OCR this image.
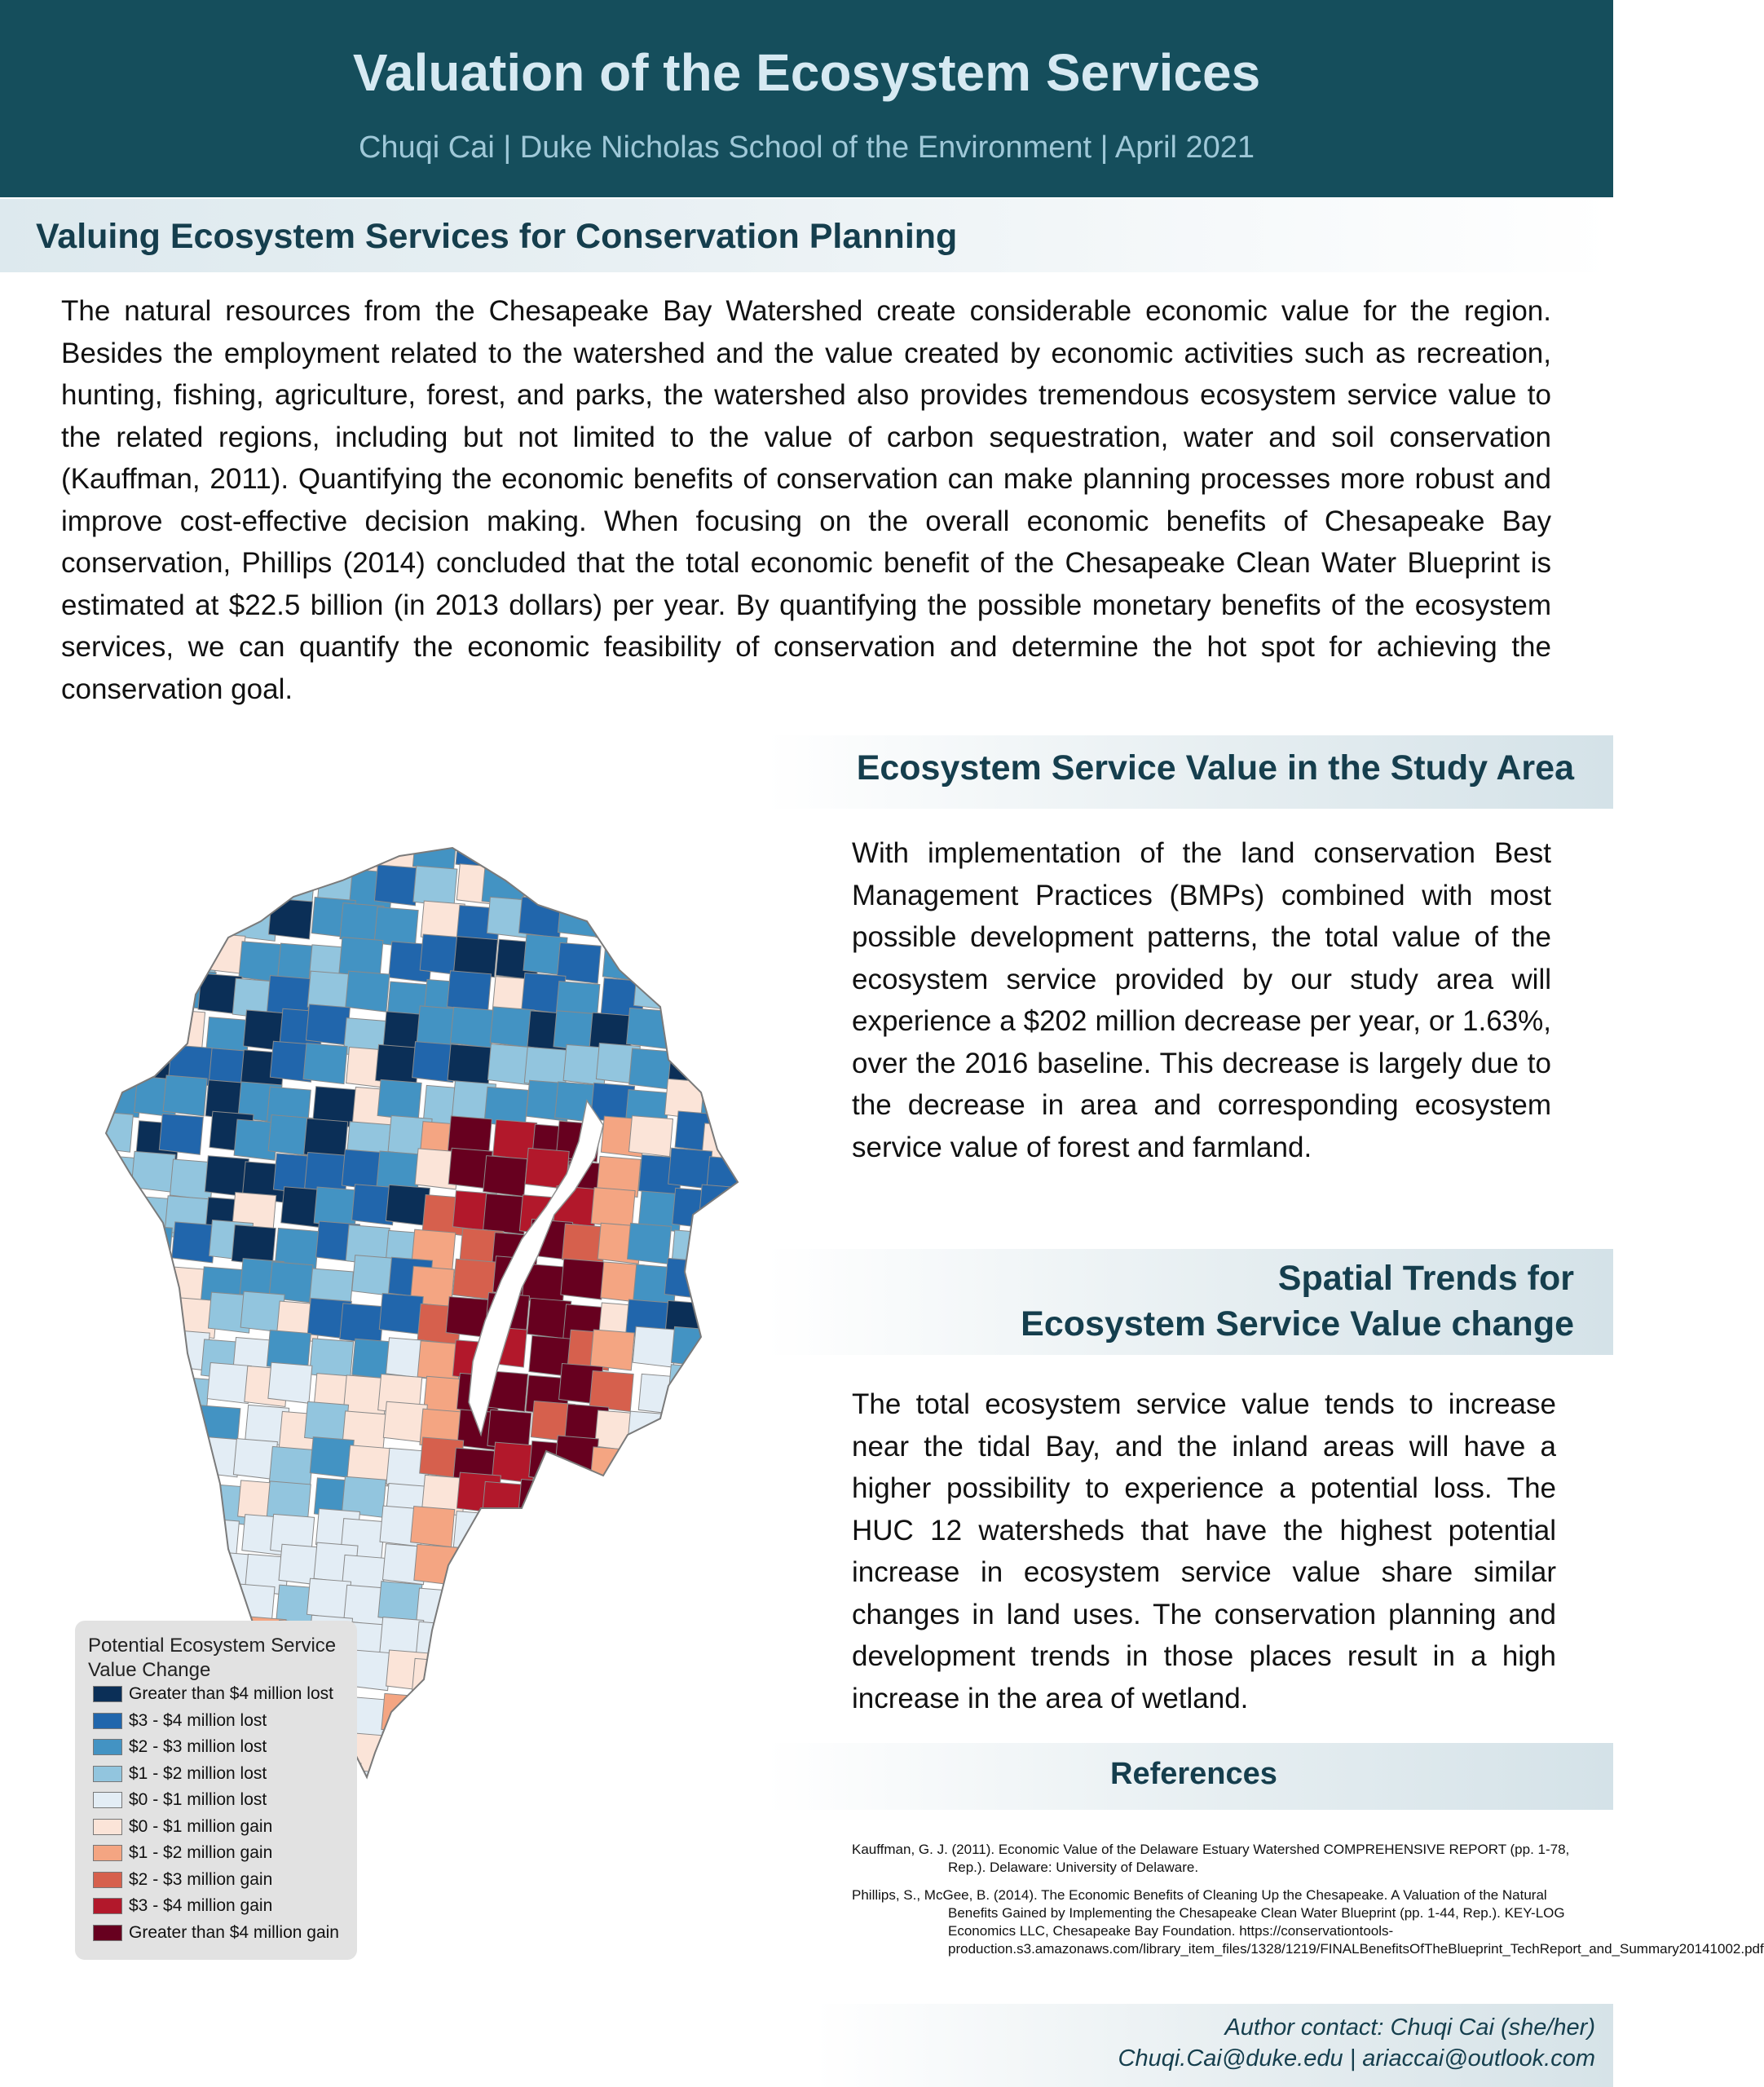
Valuation of the Ecosystem Services
Chuqi Cai | Duke Nicholas School of the Environment | April 2021
Valuing Ecosystem Services for Conservation Planning

The natural resources from the Chesapeake Bay Watershed create considerable economic value for the region. Besides the employment related to the watershed and the value created by economic activities such as recreation, hunting, fishing, agriculture, forest, and parks, the watershed also provides tremendous ecosystem service value to the related regions, including but not limited to the value of carbon sequestration, water and soil conservation (Kauffman, 2011). Quantifying the economic benefits of conservation can make planning processes more robust and improve cost-effective decision making. When focusing on the overall economic benefits of Chesapeake Bay conservation, Phillips (2014) concluded that the total economic benefit of the Chesapeake Clean Water Blueprint is estimated at $22.5 billion (in 2013 dollars) per year. By quantifying the possible monetary benefits of the ecosystem services, we can quantify the economic feasibility of conservation and determine the hot spot for achieving the conservation goal.

Ecosystem Service Value in the Study Area

With implementation of the land conservation Best Management Practices (BMPs) combined with most possible development patterns, the total value of the ecosystem service provided by our study area will experience a $202 million decrease per year, or 1.63%, over the 2016 baseline. This decrease is largely due to the decrease in area and corresponding ecosystem service value of forest and farmland.

Spatial Trends for
Ecosystem Service Value change

The total ecosystem service value tends to increase near the tidal Bay, and the inland areas will have a higher possibility to experience a potential loss. The HUC 12 watersheds that have the highest potential increase in ecosystem service value share similar changes in land uses. The conservation planning and development trends in those places result in a high increase in the area of wetland.

References
Kauffman, G. J. (2011). Economic Value of the Delaware Estuary Watershed COMPREHENSIVE REPORT (pp. 1-78, Rep.). Delaware: University of Delaware.
Phillips, S., McGee, B. (2014). The Economic Benefits of Cleaning Up the Chesapeake. A Valuation of the Natural Benefits Gained by Implementing the Chesapeake Clean Water Blueprint (pp. 1-44, Rep.). KEY-LOG Economics LLC, Chesapeake Bay Foundation. https://conservationtools-production.s3.amazonaws.com/library_item_files/1328/1219/FINALBenefitsOfTheBlueprint_TechReport_and_Summary20141002.pdf
Potential Ecosystem Service Value Change
Greater than $4 million lost
$3 - $4 million lost
$2 - $3 million lost
$1 - $2 million lost
$0 - $1 million lost
$0 - $1 million gain
$1 - $2 million gain
$2 - $3 million gain
$3 - $4 million gain
Greater than $4 million gain
Author contact: Chuqi Cai (she/her)
Chuqi.Cai@duke.edu | ariaccai@outlook.com
